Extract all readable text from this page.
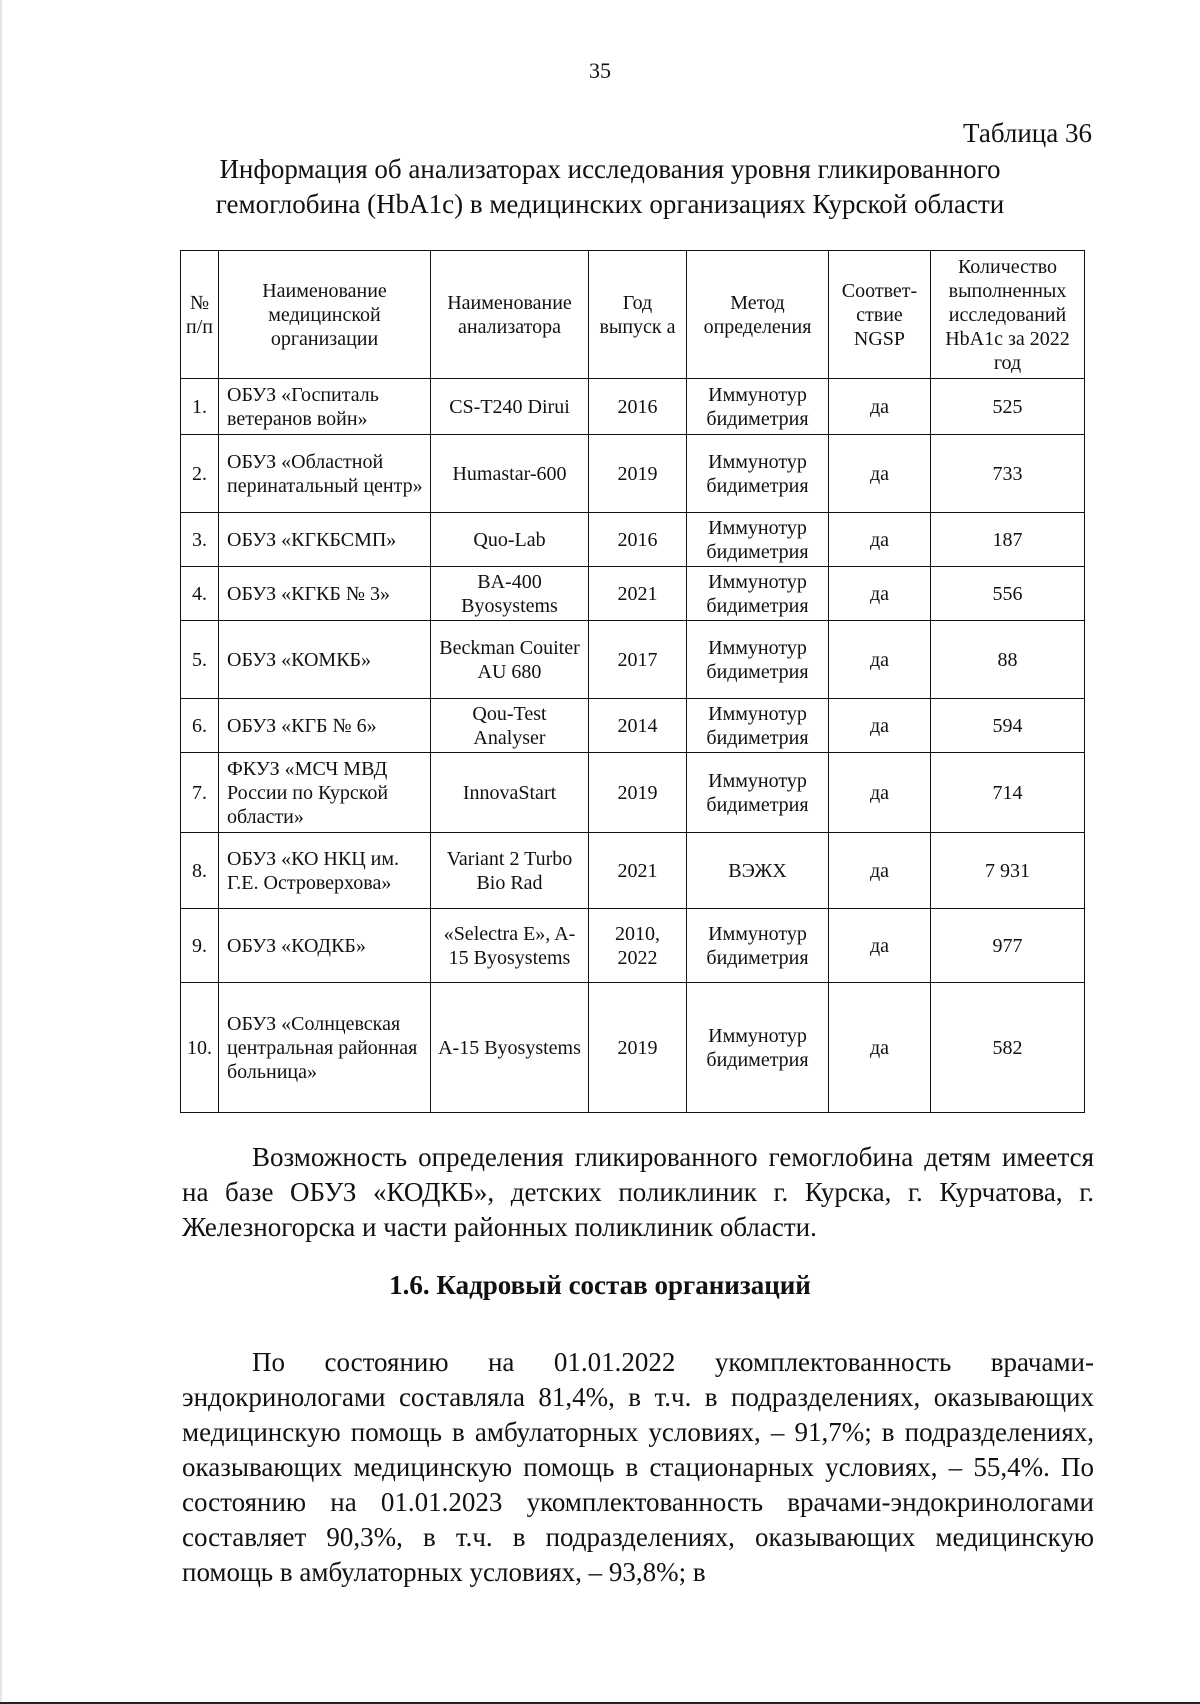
35
Таблица 36
Информация об анализаторах исследования уровня гликированного гемоглобина (HbA1c) в медицинских организациях Курской области
№ п/п	Наименование медицинской организации	Наименование анализатора	Год выпуск а	Метод определения	Соответ-ствие NGSP	Количество выполненных исследований HbA1c за 2022 год
1.	ОБУЗ «Госпиталь ветеранов войн»	CS-T240 Dirui	2016	Иммунотур бидиметрия	да	525
2.	ОБУЗ «Областной перинатальный центр»	Humastar-600	2019	Иммунотур бидиметрия	да	733
3.	ОБУЗ «КГКБСМП»	Quo-Lab	2016	Иммунотур бидиметрия	да	187
4.	ОБУЗ «КГКБ № 3»	BA-400 Byosystems	2021	Иммунотур бидиметрия	да	556
5.	ОБУЗ «КОМКБ»	Beckman Couiter AU 680	2017	Иммунотур бидиметрия	да	88
6.	ОБУЗ «КГБ № 6»	Qou-Test Analyser	2014	Иммунотур бидиметрия	да	594
7.	ФКУЗ «МСЧ МВД России по Курской области»	InnovaStart	2019	Иммунотур бидиметрия	да	714
8.	ОБУЗ «КО НКЦ им. Г.Е. Островерхова»	Variant 2 Turbo Bio Rad	2021	ВЭЖХ	да	7 931
9.	ОБУЗ «КОДКБ»	«Selectra E», A-15 Byosystems	2010, 2022	Иммунотур бидиметрия	да	977
10.	ОБУЗ «Солнцевская центральная районная больница»	A-15 Byosystems	2019	Иммунотур бидиметрия	да	582

Возможность определения гликированного гемоглобина детям имеется на базе ОБУЗ «КОДКБ», детских поликлиник г. Курска, г. Курчатова, г. Железногорска и части районных поликлиник области.

1.6. Кадровый состав организаций

По состоянию на 01.01.2022 укомплектованность врачами-эндокринологами составляла 81,4%, в т.ч. в подразделениях, оказывающих медицинскую помощь в амбулаторных условиях, – 91,7%; в подразделениях, оказывающих медицинскую помощь в стационарных условиях, – 55,4%. По состоянию на 01.01.2023 укомплектованность врачами-эндокринологами составляет 90,3%, в т.ч. в подразделениях, оказывающих медицинскую помощь в амбулаторных условиях, – 93,8%; в
